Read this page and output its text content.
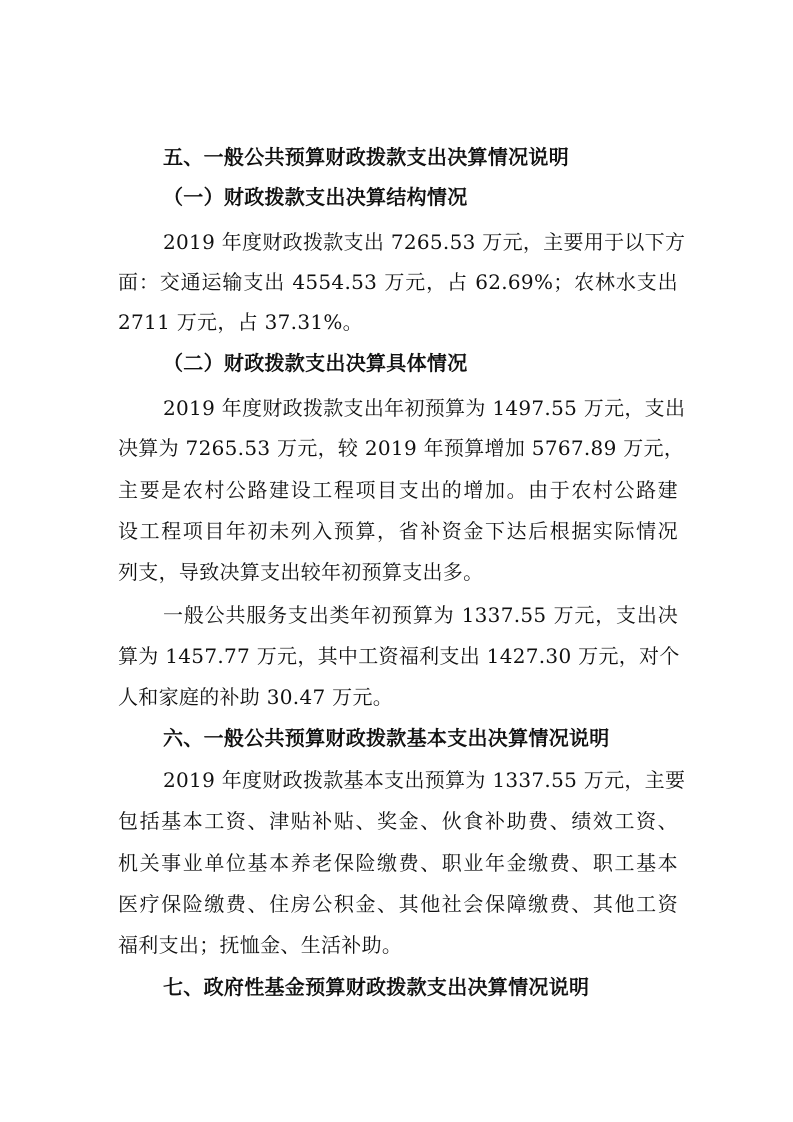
五、一般公共预算财政拨款支出决算情况说明
（一）财政拨款支出决算结构情况
2019 年度财政拨款支出 7265.53 万元，主要用于以下方
面：交通运输支出 4554.53 万元，占 62.69%；农林水支出
2711 万元，占 37.31%。
（二）财政拨款支出决算具体情况
2019 年度财政拨款支出年初预算为 1497.55 万元，支出
决算为 7265.53 万元，较 2019 年预算增加 5767.89 万元，
主要是农村公路建设工程项目支出的增加。由于农村公路建
设工程项目年初未列入预算，省补资金下达后根据实际情况
列支，导致决算支出较年初预算支出多。
一般公共服务支出类年初预算为 1337.55 万元，支出决
算为 1457.77 万元，其中工资福利支出 1427.30 万元，对个
人和家庭的补助 30.47 万元。
六、一般公共预算财政拨款基本支出决算情况说明
2019 年度财政拨款基本支出预算为 1337.55 万元，主要
包括基本工资、津贴补贴、奖金、伙食补助费、绩效工资、
机关事业单位基本养老保险缴费、职业年金缴费、职工基本
医疗保险缴费、住房公积金、其他社会保障缴费、其他工资
福利支出；抚恤金、生活补助。
七、政府性基金预算财政拨款支出决算情况说明
